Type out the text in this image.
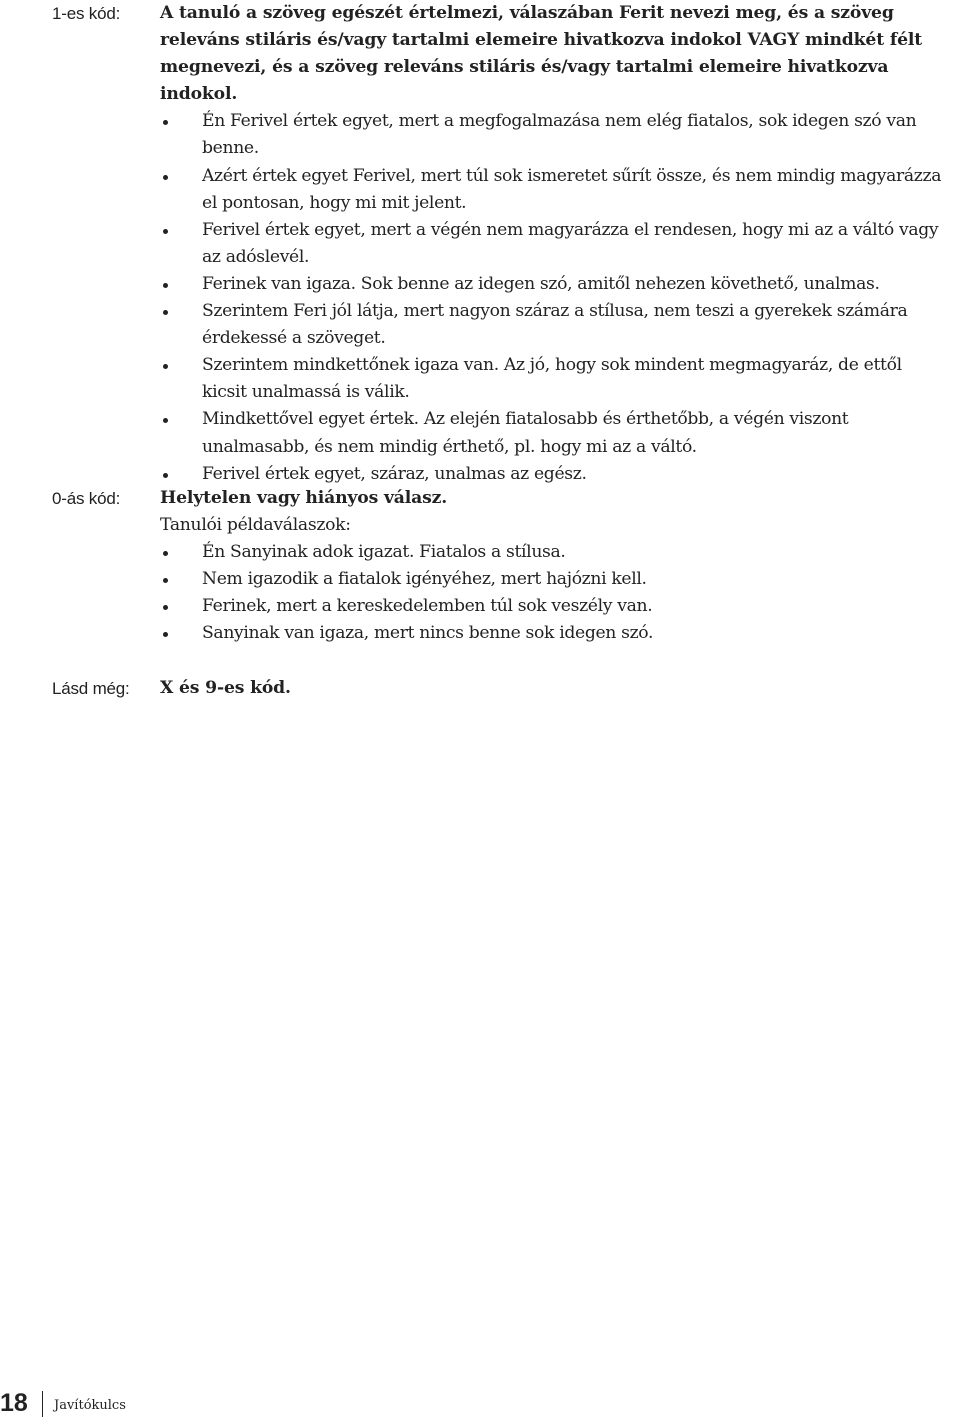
1-es kód: A tanuló a szöveg egészét értelmezi, válaszában Ferit nevezi meg, és a szöveg releváns stiláris és/vagy tartalmi elemeire hivatkozva indokol VAGY mindkét félt megnevezi, és a szöveg releváns stiláris és/vagy tartalmi elemeire hivatkozva indokol.
Én Ferivel értek egyet, mert a megfogalmazása nem elég fiatalos, sok idegen szó van benne.
Azért értek egyet Ferivel, mert túl sok ismeretet sűrít össze, és nem mindig magyarázza el pontosan, hogy mi mit jelent.
Ferivel értek egyet, mert a végén nem magyarázza el rendesen, hogy mi az a váltó vagy az adóslevél.
Ferinek van igaza. Sok benne az idegen szó, amitől nehezen követhető, unalmas.
Szerintem Feri jól látja, mert nagyon száraz a stílusa, nem teszi a gyerekek számára érdekessé a szöveget.
Szerintem mindkettőnek igaza van. Az jó, hogy sok mindent megmagyaráz, de ettől kicsit unalmassá is válik.
Mindkettővel egyet értek. Az elején fiatalosabb és érthetőbb, a végén viszont unalmasabb, és nem mindig érthető, pl. hogy mi az a váltó.
Ferivel értek egyet, száraz, unalmas az egész.
0-ás kód: Helytelen vagy hiányos válasz.
Tanulói példaválaszok:
Én Sanyinak adok igazat. Fiatalos a stílusa.
Nem igazodik a fiatalok igényéhez, mert hajózni kell.
Ferinek, mert a kereskedelemben túl sok veszély van.
Sanyinak van igaza, mert nincs benne sok idegen szó.
Lásd még: X és 9-es kód.
18 Javítókulcs
